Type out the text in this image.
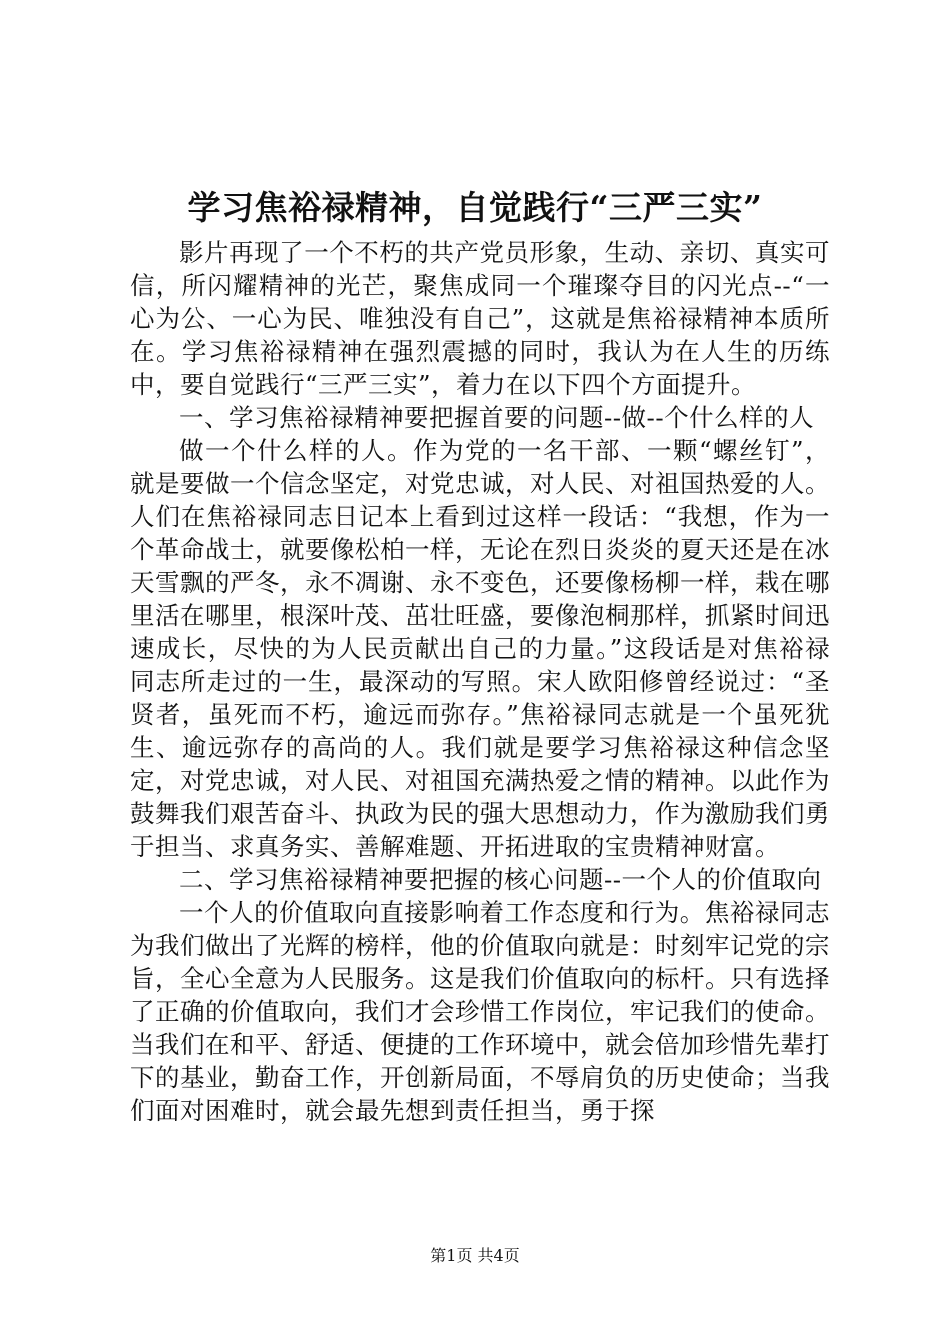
学习焦裕禄精神，自觉践行“三严三实”

影片再现了一个不朽的共产党员形象，生动、亲切、真实可信，所闪耀精神的光芒，聚焦成同一个璀璨夺目的闪光点--“一心为公、一心为民、唯独没有自己”，这就是焦裕禄精神本质所在。学习焦裕禄精神在强烈震撼的同时，我认为在人生的历练中，要自觉践行“三严三实”，着力在以下四个方面提升。

一、学习焦裕禄精神要把握首要的问题--做--个什么样的人

做一个什么样的人。作为党的一名干部、一颗“螺丝钉”，就是要做一个信念坚定，对党忠诚，对人民、对祖国热爱的人。人们在焦裕禄同志日记本上看到过这样一段话：“我想，作为一个革命战士，就要像松柏一样，无论在烈日炎炎的夏天还是在冰天雪飘的严冬，永不凋谢、永不变色，还要像杨柳一样，栽在哪里活在哪里，根深叶茂、茁壮旺盛，要像泡桐那样，抓紧时间迅速成长，尽快的为人民贡献出自己的力量。”这段话是对焦裕禄同志所走过的一生，最深动的写照。宋人欧阳修曾经说过：“圣贤者，虽死而不朽，逾远而弥存。”焦裕禄同志就是一个虽死犹生、逾远弥存的高尚的人。我们就是要学习焦裕禄这种信念坚定，对党忠诚，对人民、对祖国充满热爱之情的精神。以此作为鼓舞我们艰苦奋斗、执政为民的强大思想动力，作为激励我们勇于担当、求真务实、善解难题、开拓进取的宝贵精神财富。

二、学习焦裕禄精神要把握的核心问题--一个人的价值取向

一个人的价值取向直接影响着工作态度和行为。焦裕禄同志为我们做出了光辉的榜样，他的价值取向就是：时刻牢记党的宗旨，全心全意为人民服务。这是我们价值取向的标杆。只有选择了正确的价值取向，我们才会珍惜工作岗位，牢记我们的使命。当我们在和平、舒适、便捷的工作环境中，就会倍加珍惜先辈打下的基业，勤奋工作，开创新局面，不辱肩负的历史使命；当我们面对困难时，就会最先想到责任担当，勇于探

第1页 共4页
